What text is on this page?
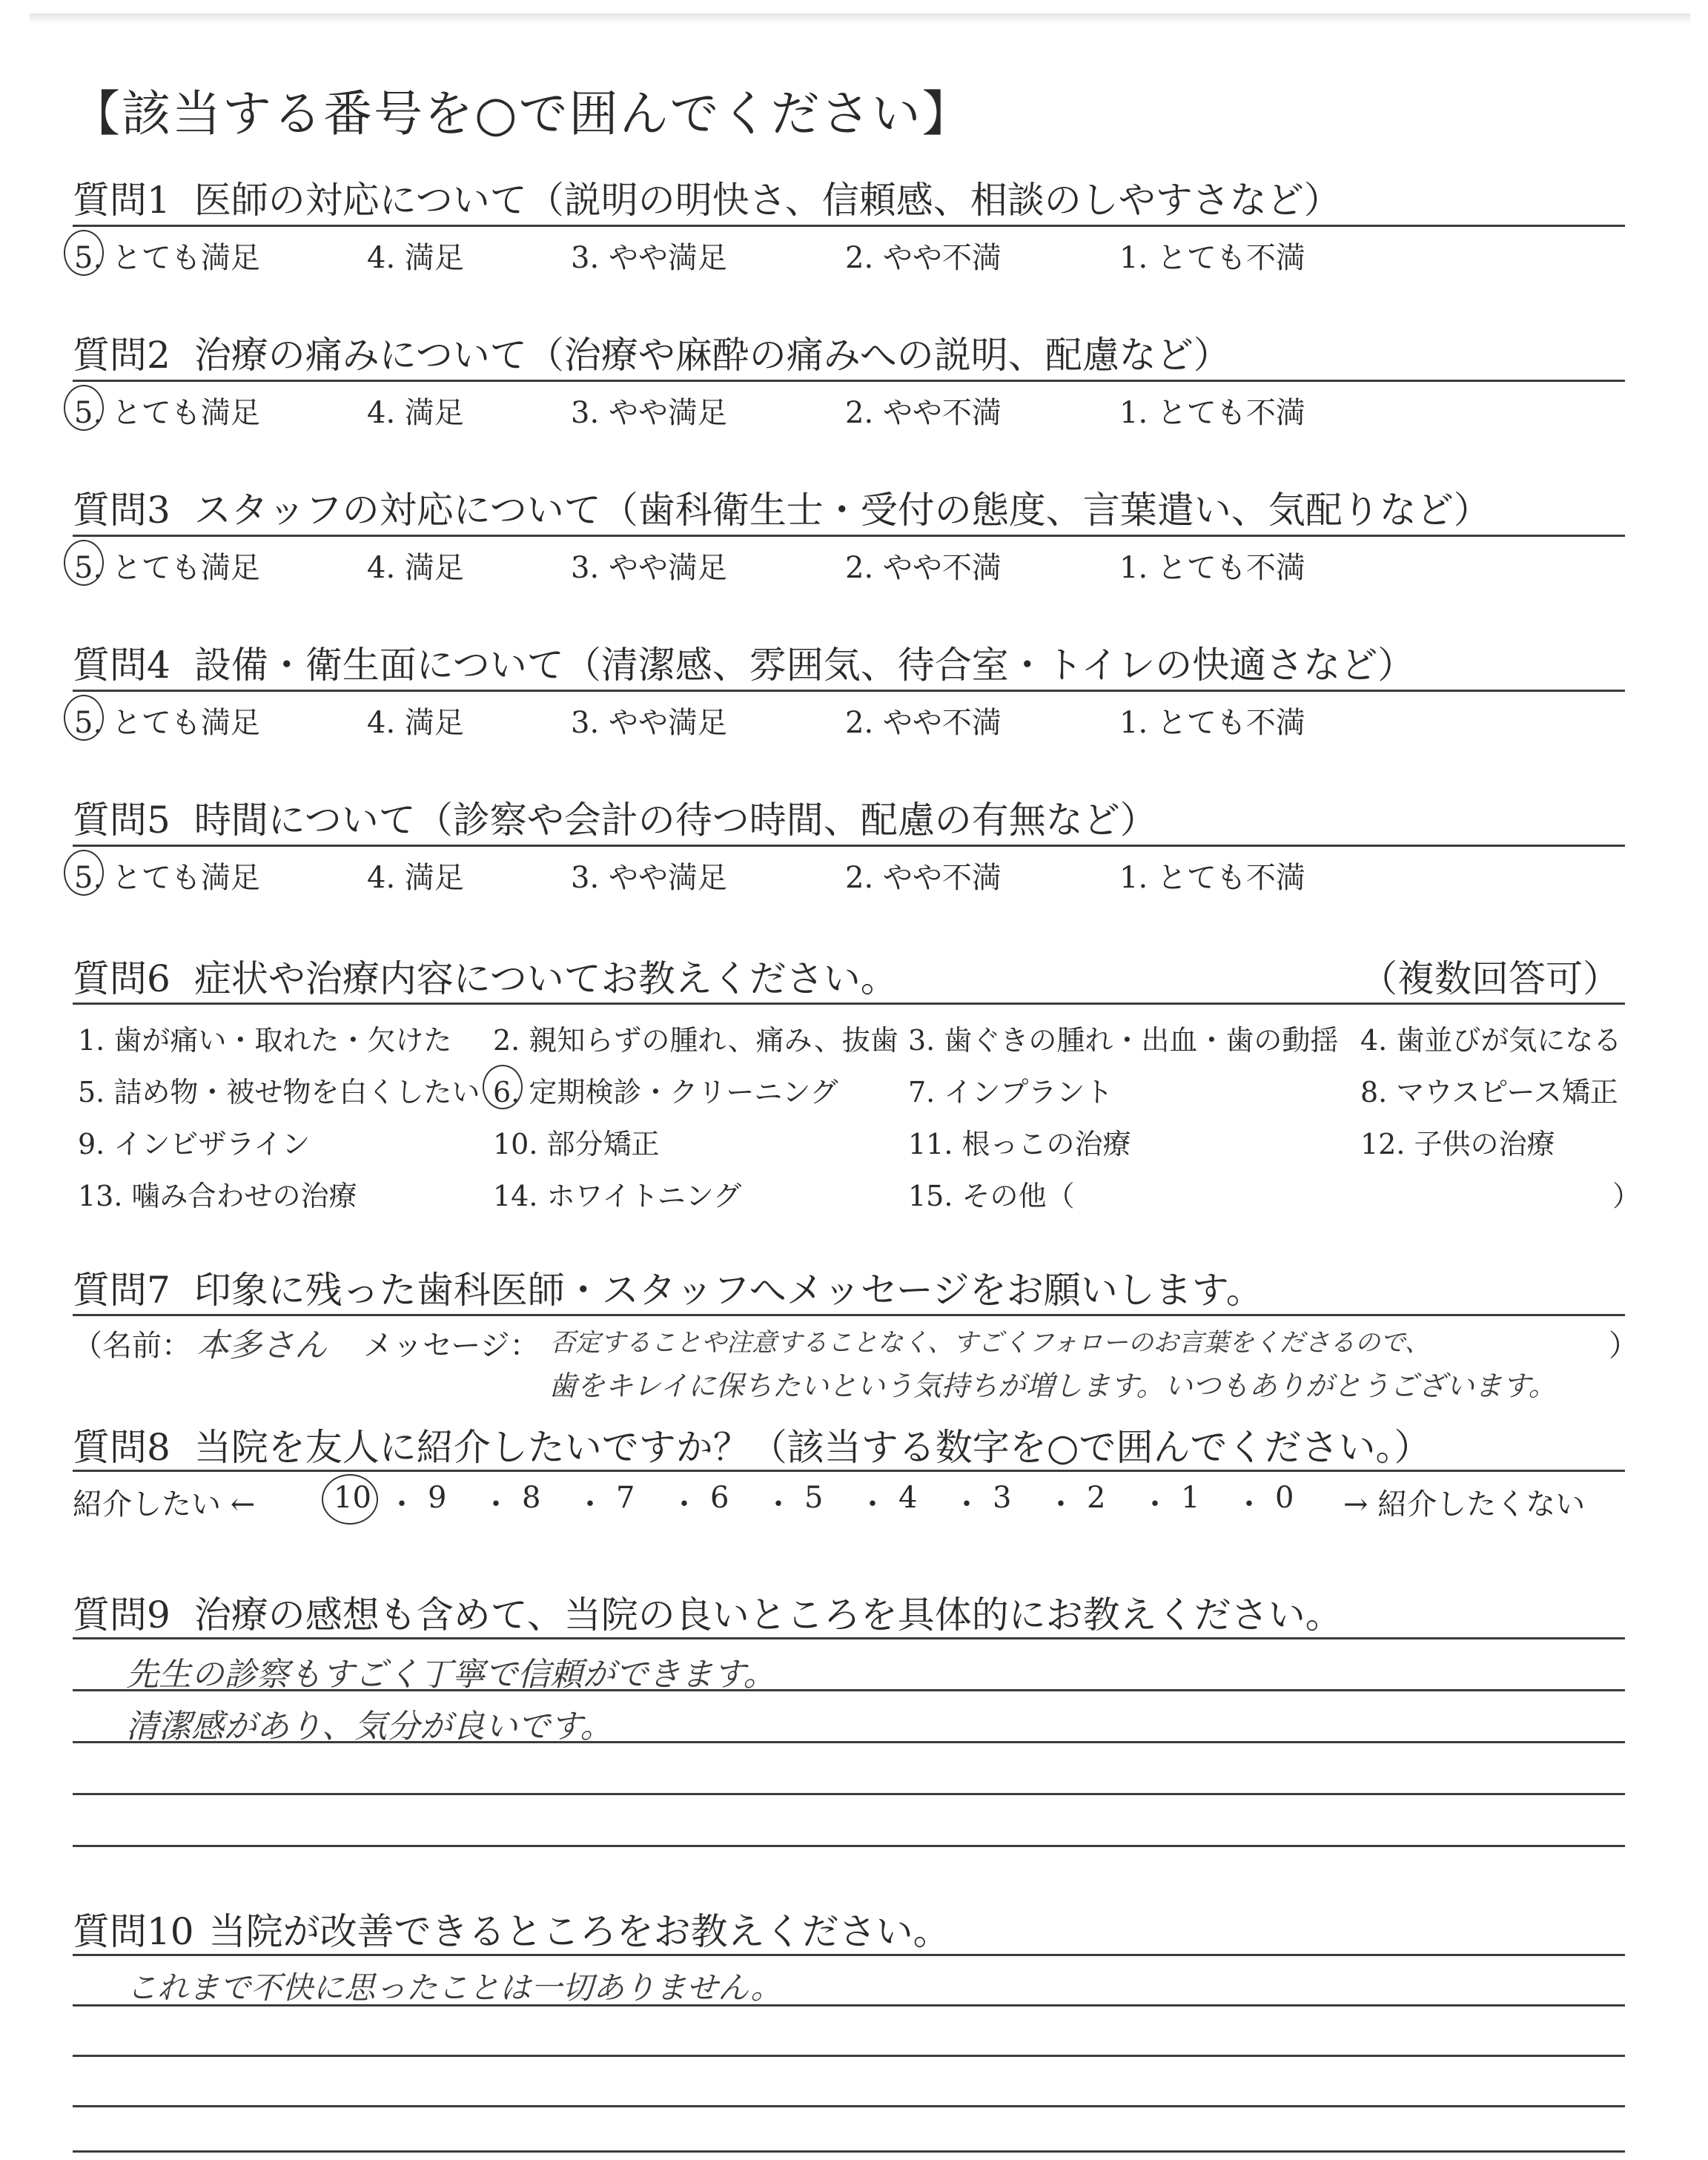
【該当する番号を○で囲んでください】
質問1 医師の対応について（説明の明快さ、信頼感、相談のしやすさなど）
5. とても満足	4. 満足	3. やや満足	2. やや不満	1. とても不満
質問2 治療の痛みについて（治療や麻酔の痛みへの説明、配慮など）
5. とても満足	4. 満足	3. やや満足	2. やや不満	1. とても不満
質問3 スタッフの対応について（歯科衛生士・受付の態度、言葉遣い、気配りなど）
5. とても満足	4. 満足	3. やや満足	2. やや不満	1. とても不満
質問4 設備・衛生面について（清潔感、雰囲気、待合室・トイレの快適さなど）
5. とても満足	4. 満足	3. やや満足	2. やや不満	1. とても不満
質問5 時間について（診察や会計の待つ時間、配慮の有無など）
5. とても満足	4. 満足	3. やや満足	2. やや不満	1. とても不満
質問6 症状や治療内容についてお教えください。	（複数回答可）
1. 歯が痛い・取れた・欠けた 2. 親知らずの腫れ、痛み、抜歯 3. 歯ぐきの腫れ・出血・歯の動揺 4. 歯並びが気になる
5. 詰め物・被せ物を白くしたい 6. 定期検診・クリーニング 7. インプラント	8. マウスピース矯正
9. インビザライン	10. 部分矯正	11. 根っこの治療	12. 子供の治療
13. 噛み合わせの治療	14. ホワイトニング	15. その他（	）
質問7 印象に残った歯科医師・スタッフへメッセージをお願いします。
（名前： 本多さん メッセージ： 否定することや注意することなく、すごくフォローのお言葉をくださるので、
歯をキレイに保ちたいという気持ちが増します。いつもありがとうございます。
）
質問8 当院を友人に紹介したいですか？（該当する数字を○で囲んでください。）
紹介したい ←	10 ・ 9 ・ 8 ・ 7 ・ 6 ・ 5 ・ 4 ・ 3 ・ 2 ・ 1 ・ 0 → 紹介したくない
質問9 治療の感想も含めて、当院の良いところを具体的にお教えください。
先生の診察もすごく丁寧で信頼ができます。
清潔感があり、気分が良いです。
質問10 当院が改善できるところをお教えください。
これまで不快に思ったことは一切ありません。
